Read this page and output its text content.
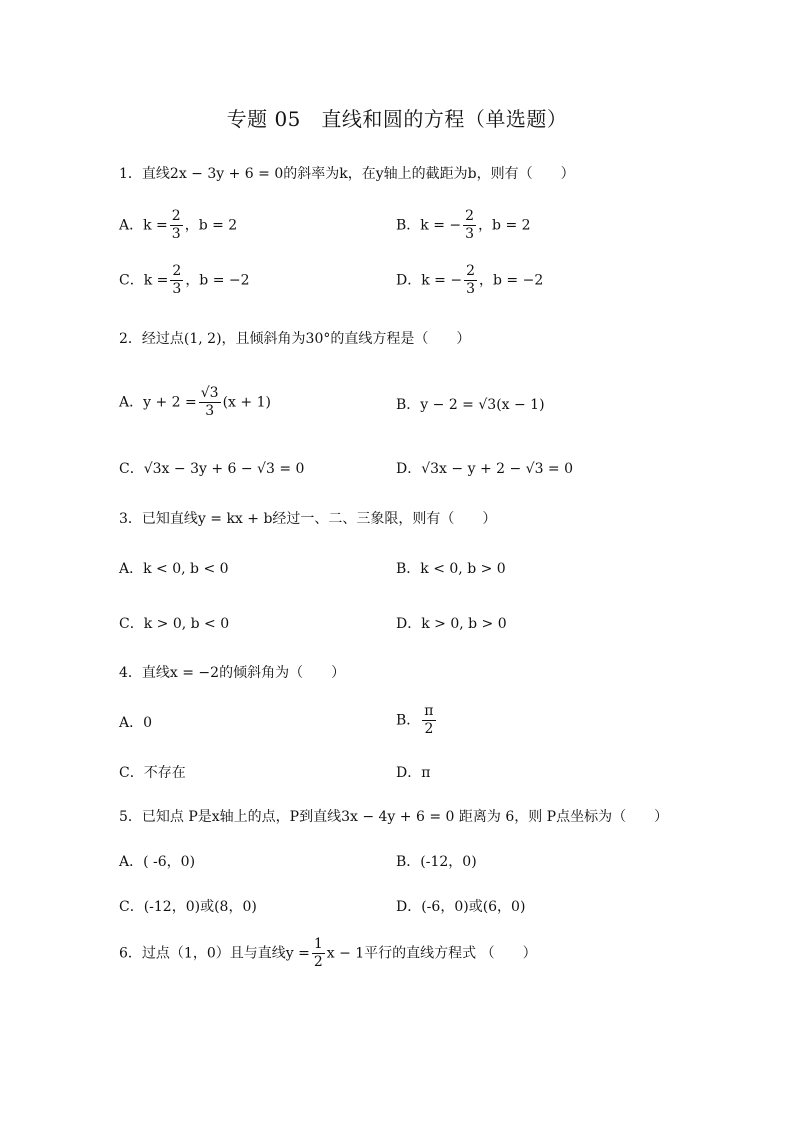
专题 05　直线和圆的方程（单选题）
1．直线2x − 3y + 6 = 0的斜率为k，在y轴上的截距为b，则有（　　）
A．$k = \frac{2}{3}$ ，b = 2	B．k = − $\frac{2}{3}$ ，b = 2
C．$k = \frac{2}{3}$ ，b = −2	D．k = − $\frac{2}{3}$ ，b = −2
2．经过点(1, 2)，且倾斜角为30°的直线方程是（　　）
A．$y + 2 = \frac{√3}{3} (x + 1)$	B．y − 2 = √3(x − 1)
C．√3x − 3y + 6 − √3 = 0	D．√3x − y + 2 − √3 = 0
3．已知直线y = kx + b经过一、二、三象限，则有（　　）
A．k < 0, b < 0	B．k < 0, b > 0
C．k > 0, b < 0	D．k > 0, b > 0
4．直线x = −2的倾斜角为（　　）
A．0	B． $\frac{\pi}{2}$
C．不存在	D．π
5．已知点 P是x轴上的点，P到直线3x − 4y + 6 = 0 距离为 6，则 P点坐标为（　　）
A．( -6，0)	B．(-12，0)
C．(-12，0)或(8，0)	D．(-6，0)或(6，0)
6．过点（1，0）且与直线$y = \frac{1}{2}$ x − 1平行的直线方程式 （　　）
